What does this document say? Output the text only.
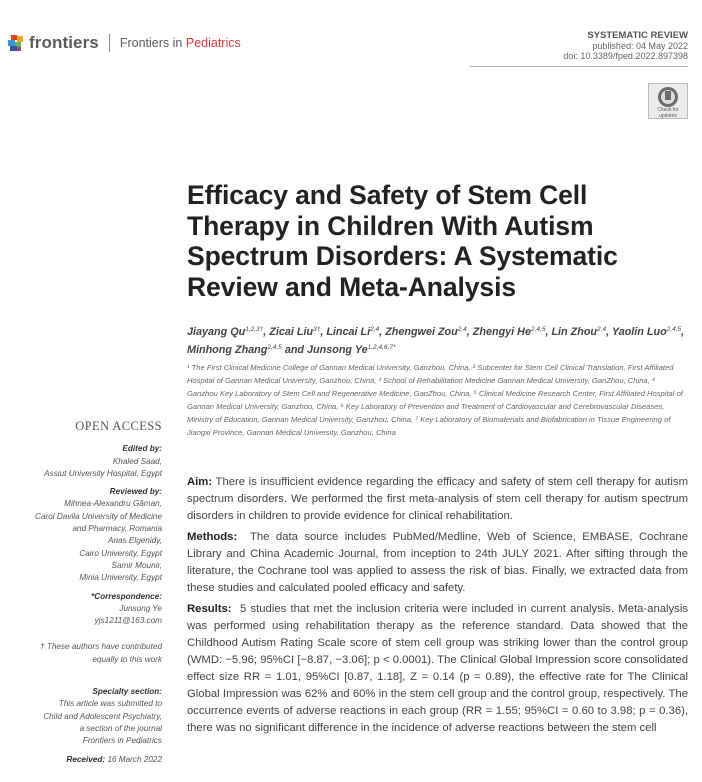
frontiers Frontiers in Pediatrics
SYSTEMATIC REVIEW
published: 04 May 2022
doi: 10.3389/fped.2022.897398
Check for updates
Efficacy and Safety of Stem Cell Therapy in Children With Autism Spectrum Disorders: A Systematic Review and Meta-Analysis
Jiayang $Qu^{1,2,3\dagger}$, Zicai Liu$^{3\dagger}$, Lincai Li$^{2,4}$, Zhengwei Zou$^{2,4}$, Zhengyi He$^{2,4,5}$, Lin Zhou$^{2,4}$, Yaolin Luo$^{2,4,5}$, Minhong Zhang$^{2,4,5}$ and Junsong $Ye^{1,2,4,6,7*}$
¹ The First Clinical Medicine College of Gannan Medical University, Ganzhou, China, ² Subcenter for Stem Cell Clinical Translation, First Affiliated Hospital of Gannan Medical University, Ganzhou, China, ³ School of Rehabilitation Medicine Gannan Medical University, GanZhou, China, ⁴ Ganzhou Key Laboratory of Stem Cell and Regenerative Medicine, GanZhou, China, ⁵ Clinical Medicine Research Center, First Affiliated Hospital of Gannan Medical University, Ganzhou, China, ⁶ Key Laboratory of Prevention and Treatment of Cardiovascular and Cerebrovascular Diseases, Ministry of Education, Gannan Medical University, Ganzhou, China, ⁷ Key Laboratory of Biomaterials and Biofabrication in Tissue Engineering of Jiangxi Province, Gannan Medical University, Ganzhou, China
OPEN ACCESS
Edited by:
Khaled Saad,
Assiut University Hospital, Egypt
Reviewed by:
Mihnea-Alexandru Găman,
Carol Davila University of Medicine
and Pharmacy, Romania
Anas Elgenidy,
Cairo University, Egypt
Samir Mounir,
Minia University, Egypt
*Correspondence:
Junsong Ye
yjs1211@163.com
† These authors have contributed
equally to this work
Specialty section:
This article was submitted to
Child and Adolescent Psychiatry,
a section of the journal
Frontiers in Pediatrics
Received: 16 March 2022

Aim: There is insufficient evidence regarding the efficacy and safety of stem cell therapy for autism spectrum disorders. We performed the first meta-analysis of stem cell therapy for autism spectrum disorders in children to provide evidence for clinical rehabilitation.

Methods:  The data source includes PubMed/Medline, Web of Science, EMBASE, Cochrane Library and China Academic Journal, from inception to 24th JULY 2021. After sifting through the literature, the Cochrane tool was applied to assess the risk of bias. Finally, we extracted data from these studies and calculated pooled efficacy and safety.

Results:  5 studies that met the inclusion criteria were included in current analysis. Meta-analysis was performed using rehabilitation therapy as the reference standard. Data showed that the Childhood Autism Rating Scale score of stem cell group was striking lower than the control group (WMD: −5.96; 95%CI [−8.87, −3.06]; p < 0.0001). The Clinical Global Impression score consolidated effect size RR = 1.01, 95%CI [0.87, 1.18], Z = 0.14 (p = 0.89), the effective rate for The Clinical Global Impression was 62% and 60% in the stem cell group and the control group, respectively. The occurrence events of adverse reactions in each group (RR = 1.55; 95%CI = 0.60 to 3.98; p = 0.36), there was no significant difference in the incidence of adverse reactions between the stem cell
